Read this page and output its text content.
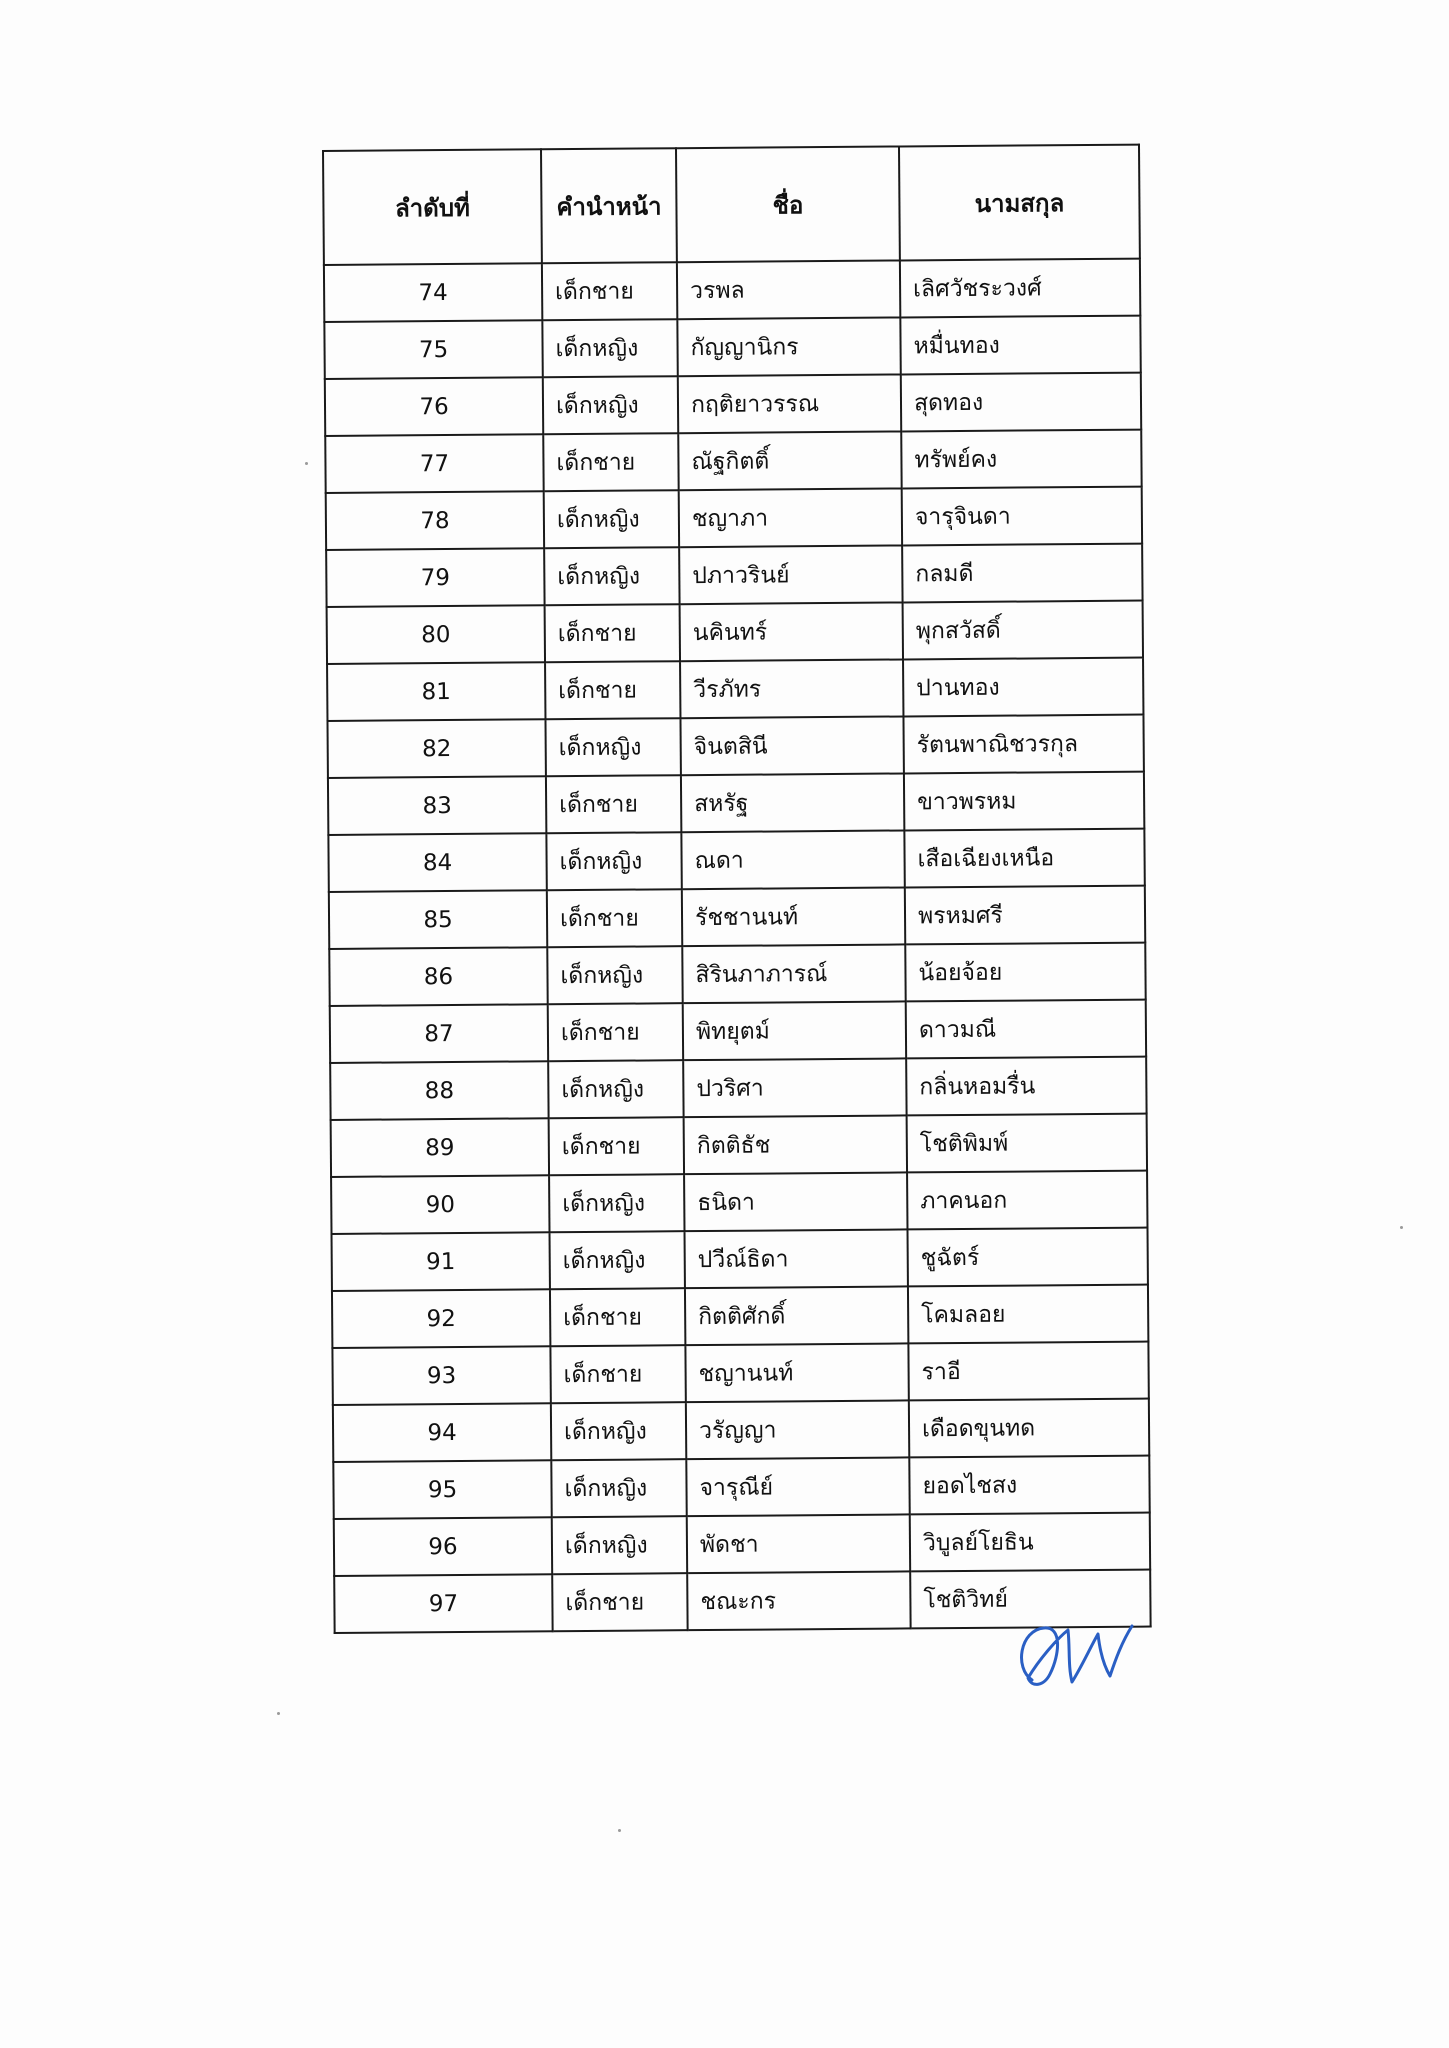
ลำดับที่	คำนำหน้า	ชื่อ	นามสกุล
74	เด็กชาย	วรพล	เลิศวัชระวงศ์
75	เด็กหญิง	กัญญานิกร	หมื่นทอง
76	เด็กหญิง	กฤติยาวรรณ	สุดทอง
77	เด็กชาย	ณัฐกิตติ์	ทรัพย์คง
78	เด็กหญิง	ชญาภา	จารุจินดา
79	เด็กหญิง	ปภาวรินย์	กลมดี
80	เด็กชาย	นคินทร์	พุกสวัสดิ์
81	เด็กชาย	วีรภัทร	ปานทอง
82	เด็กหญิง	จินตสินี	รัตนพาณิชวรกุล
83	เด็กชาย	สหรัฐ	ขาวพรหม
84	เด็กหญิง	ณดา	เสือเฉียงเหนือ
85	เด็กชาย	รัชชานนท์	พรหมศรี
86	เด็กหญิง	สิรินภาภารณ์	น้อยจ้อย
87	เด็กชาย	พิทยุตม์	ดาวมณี
88	เด็กหญิง	ปวริศา	กลิ่นหอมรื่น
89	เด็กชาย	กิตติธัช	โชติพิมพ์
90	เด็กหญิง	ธนิดา	ภาคนอก
91	เด็กหญิง	ปวีณ์ธิดา	ชูฉัตร์
92	เด็กชาย	กิตติศักดิ์	โคมลอย
93	เด็กชาย	ชญานนท์	ราอี
94	เด็กหญิง	วรัญญา	เดือดขุนทด
95	เด็กหญิง	จารุณีย์	ยอดไชสง
96	เด็กหญิง	พัดชา	วิบูลย์โยธิน
97	เด็กชาย	ชณะกร	โชติวิทย์
